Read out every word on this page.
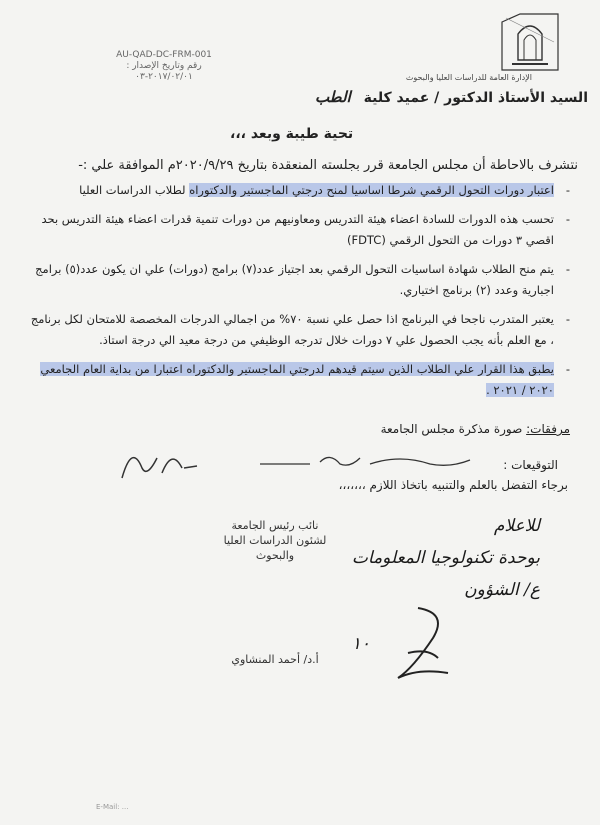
AU-QAD-DC-FRM-001
رقم وتاريخ الإصدار : ٢٠١٧/٠٢/٠١-٠٣	الإدارة العامة للدراسات العليا والبحوث
السيد الأستاذ الدكتور / عميد كلية الطب
تحية طيبة وبعد ،،،
نتشرف بالاحاطة أن مجلس الجامعة قرر بجلسته المنعقدة بتاريخ ٢٠٢٠/٩/٢٩م الموافقة علي :-
- اعتبار دورات التحول الرقمي شرطا اساسيا لمنح درجتي الماجستير والدكتوراه لطلاب الدراسات العليا
- تحسب هذه الدورات للسادة اعضاء هيئة التدريس ومعاونيهم من دورات تنمية قدرات اعضاء هيئة التدريس بحد اقصي ٣ دورات من التحول الرقمي (FDTC)
- يتم منح الطلاب شهادة اساسيات التحول الرقمي بعد اجتياز عدد(٧) برامج (دورات) علي ان يكون عدد(٥) برامج اجبارية وعدد (٢) برنامج اختياري.
- يعتبر المتدرب ناجحا في البرنامج اذا حصل علي نسبة ٧٠% من اجمالي الدرجات المخصصة للامتحان لكل برنامج ، مع العلم بأنه يجب الحصول علي ٧ دورات خلال تدرجه الوظيفي من درجة معيد الي درجة استاذ.
- يطبق هذا القرار علي الطلاب الذين سيتم قيدهم لدرجتي الماجستير والدكتوراه اعتبارا من بداية العام الجامعي ٢٠٢٠ / ٢٠٢١ .
مرفقات: صورة مذكرة مجلس الجامعة
التوقيعات :
برجاء التفضل بالعلم والتنبيه باتخاذ اللازم ،،،،،،،
نائب رئيس الجامعة
لشئون الدراسات العليا والبحوث
أ.د/ أحمد المنشاوي
للاعلام
بوحدة تكنولوجيا المعلومات
ع/ الشؤون
١٠
E-Mail: ...
